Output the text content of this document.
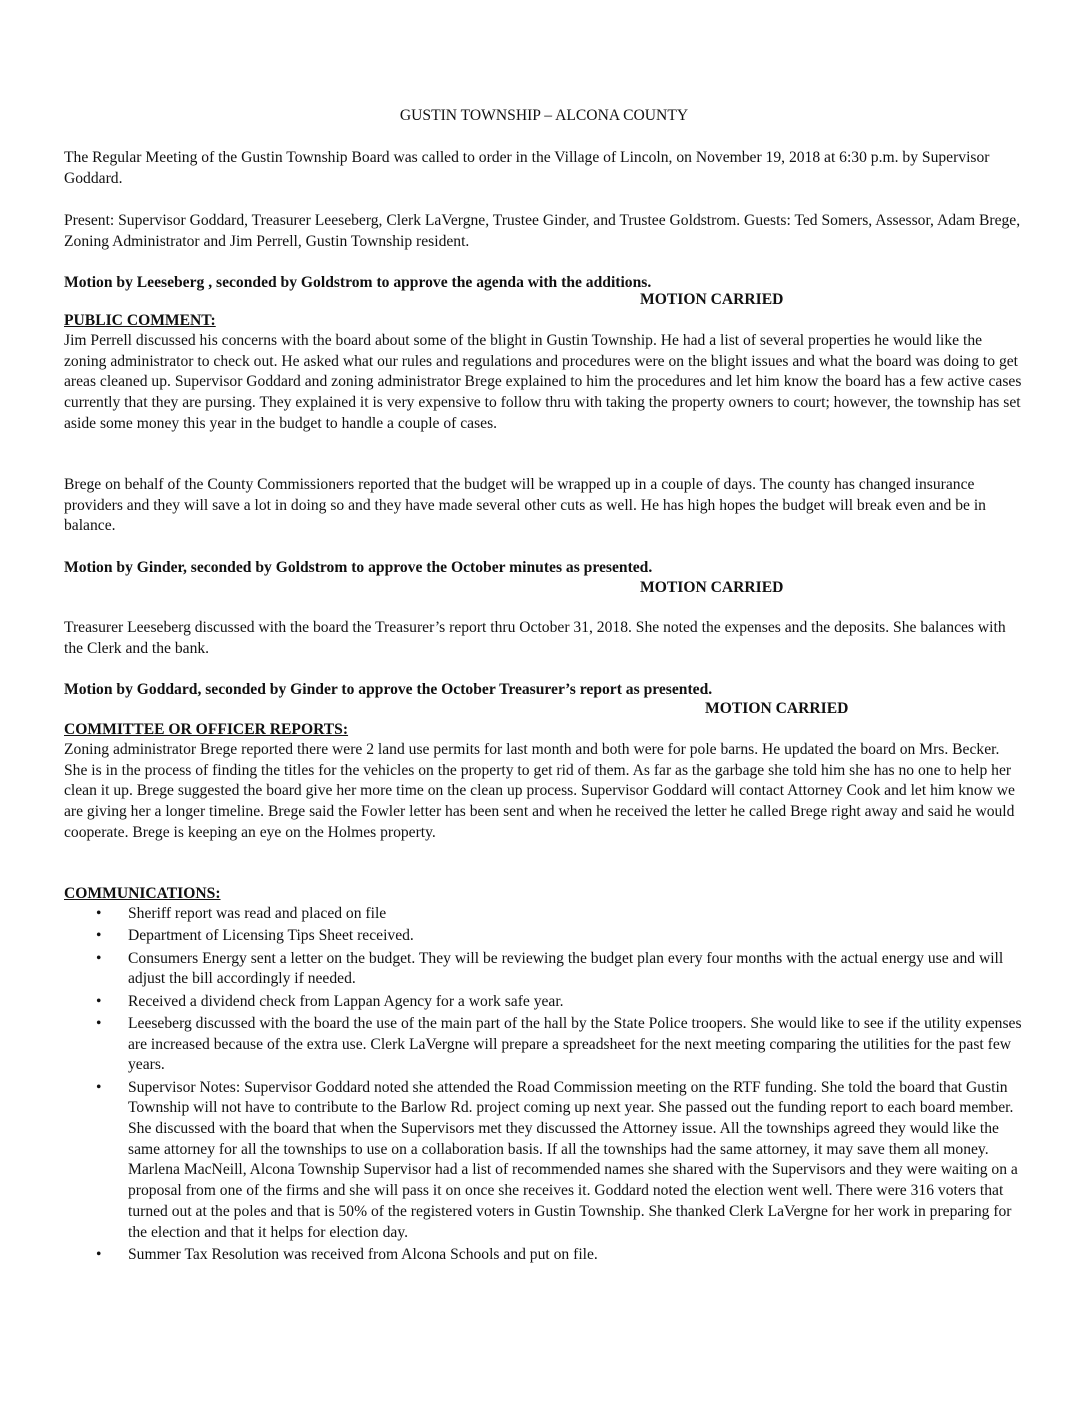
GUSTIN TOWNSHIP – ALCONA COUNTY

The Regular Meeting of the Gustin Township Board was called to order in the Village of Lincoln, on November 19, 2018 at 6:30 p.m. by Supervisor Goddard.

Present: Supervisor Goddard, Treasurer Leeseberg, Clerk LaVergne, Trustee Ginder, and Trustee Goldstrom. Guests: Ted Somers, Assessor, Adam Brege, Zoning Administrator and Jim Perrell, Gustin Township resident.

Motion by Leeseberg , seconded by Goldstrom to approve the agenda with the additions.

MOTION CARRIED

PUBLIC COMMENT:

Jim Perrell discussed his concerns with the board about some of the blight in Gustin Township. He had a list of several properties he would like the zoning administrator to check out. He asked what our rules and regulations and procedures were on the blight issues and what the board was doing to get areas cleaned up. Supervisor Goddard and zoning administrator Brege explained to him the procedures and let him know the board has a few active cases currently that they are pursing. They explained it is very expensive to follow thru with taking the property owners to court; however, the township has set aside some money this year in the budget to handle a couple of cases.

Brege on behalf of the County Commissioners reported that the budget will be wrapped up in a couple of days. The county has changed insurance providers and they will save a lot in doing so and they have made several other cuts as well. He has high hopes the budget will break even and be in balance.

Motion by Ginder, seconded by Goldstrom to approve the October minutes as presented.

MOTION CARRIED

Treasurer Leeseberg discussed with the board the Treasurer’s report thru October 31, 2018. She noted the expenses and the deposits. She balances with the Clerk and the bank.

Motion by Goddard, seconded by Ginder to approve the October Treasurer’s report as presented.

MOTION CARRIED

COMMITTEE OR OFFICER REPORTS:

Zoning administrator Brege reported there were 2 land use permits for last month and both were for pole barns. He updated the board on Mrs. Becker. She is in the process of finding the titles for the vehicles on the property to get rid of them. As far as the garbage she told him she has no one to help her clean it up. Brege suggested the board give her more time on the clean up process. Supervisor Goddard will contact Attorney Cook and let him know we are giving her a longer timeline. Brege said the Fowler letter has been sent and when he received the letter he called Brege right away and said he would cooperate. Brege is keeping an eye on the Holmes property.

COMMUNICATIONS:

• Sheriff report was read and placed on file
• Department of Licensing Tips Sheet received.
• Consumers Energy sent a letter on the budget. They will be reviewing the budget plan every four months with the actual energy use and will adjust the bill accordingly if needed.
• Received a dividend check from Lappan Agency for a work safe year.
• Leeseberg discussed with the board the use of the main part of the hall by the State Police troopers. She would like to see if the utility expenses are increased because of the extra use. Clerk LaVergne will prepare a spreadsheet for the next meeting comparing the utilities for the past few years.
• Supervisor Notes: Supervisor Goddard noted she attended the Road Commission meeting on the RTF funding. She told the board that Gustin Township will not have to contribute to the Barlow Rd. project coming up next year. She passed out the funding report to each board member. She discussed with the board that when the Supervisors met they discussed the Attorney issue. All the townships agreed they would like the same attorney for all the townships to use on a collaboration basis. If all the townships had the same attorney, it may save them all money. Marlena MacNeill, Alcona Township Supervisor had a list of recommended names she shared with the Supervisors and they were waiting on a proposal from one of the firms and she will pass it on once she receives it. Goddard noted the election went well. There were 316 voters that turned out at the poles and that is 50% of the registered voters in Gustin Township. She thanked Clerk LaVergne for her work in preparing for the election and that it helps for election day.
• Summer Tax Resolution was received from Alcona Schools and put on file.
